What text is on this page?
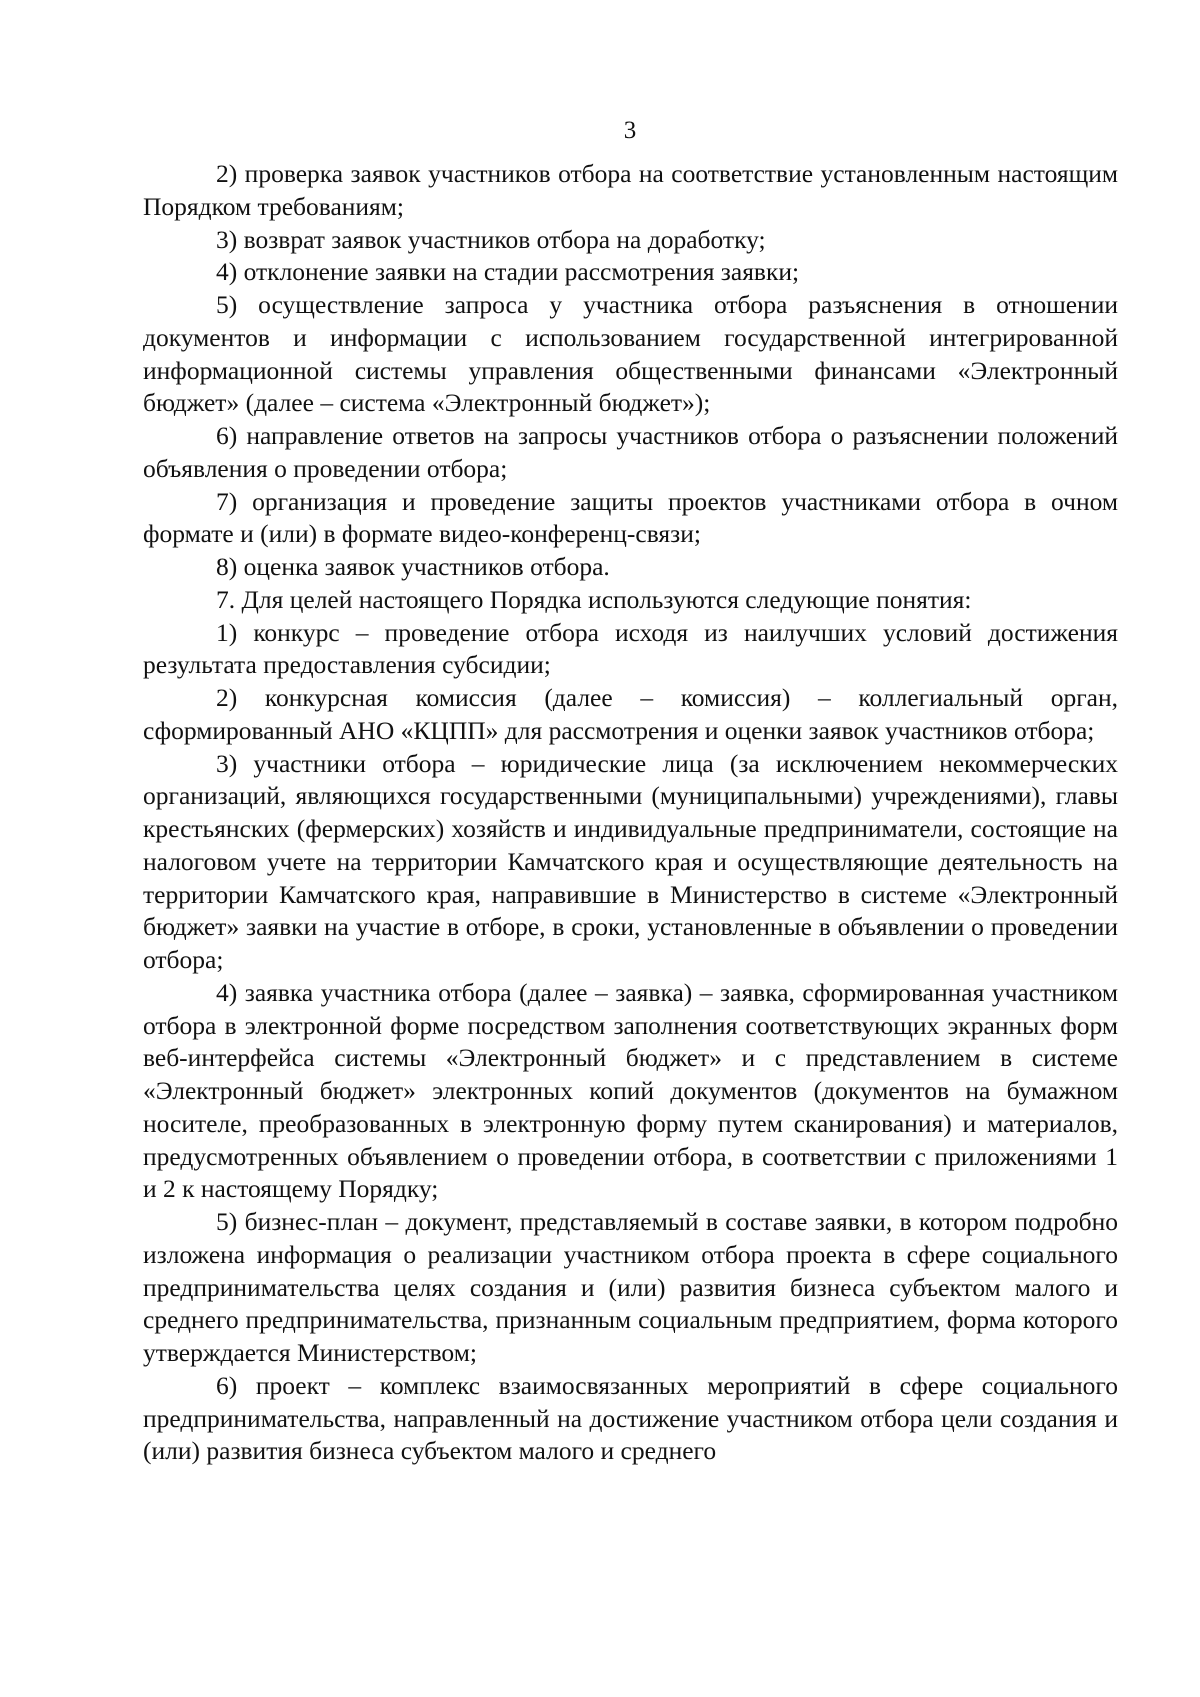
3

2) проверка заявок участников отбора на соответствие установленным настоящим Порядком требованиям;

3) возврат заявок участников отбора на доработку;

4) отклонение заявки на стадии рассмотрения заявки;

5) осуществление запроса у участника отбора разъяснения в отношении документов и информации с использованием государственной интегрированной информационной системы управления общественными финансами «Электронный бюджет» (далее – система «Электронный бюджет»);

6) направление ответов на запросы участников отбора о разъяснении положений объявления о проведении отбора;

7) организация и проведение защиты проектов участниками отбора в очном формате и (или) в формате видео-конференц-связи;

8) оценка заявок участников отбора.

7. Для целей настоящего Порядка используются следующие понятия:

1) конкурс – проведение отбора исходя из наилучших условий достижения результата предоставления субсидии;

2) конкурсная комиссия (далее – комиссия) – коллегиальный орган, сформированный АНО «КЦПП» для рассмотрения и оценки заявок участников отбора;

3) участники отбора – юридические лица (за исключением некоммерческих организаций, являющихся государственными (муниципальными) учреждениями), главы крестьянских (фермерских) хозяйств и индивидуальные предприниматели, состоящие на налоговом учете на территории Камчатского края и осуществляющие деятельность на территории Камчатского края, направившие в Министерство в системе «Электронный бюджет» заявки на участие в отборе, в сроки, установленные в объявлении о проведении отбора;

4) заявка участника отбора (далее – заявка) – заявка, сформированная участником отбора в электронной форме посредством заполнения соответствующих экранных форм веб-интерфейса системы «Электронный бюджет» и с представлением в системе «Электронный бюджет» электронных копий документов (документов на бумажном носителе, преобразованных в электронную форму путем сканирования) и материалов, предусмотренных объявлением о проведении отбора, в соответствии с приложениями 1 и 2 к настоящему Порядку;

5) бизнес-план – документ, представляемый в составе заявки, в котором подробно изложена информация о реализации участником отбора проекта в сфере социального предпринимательства целях создания и (или) развития бизнеса субъектом малого и среднего предпринимательства, признанным социальным предприятием, форма которого утверждается Министерством;

6) проект – комплекс взаимосвязанных мероприятий в сфере социального предпринимательства, направленный на достижение участником отбора цели создания и (или) развития бизнеса субъектом малого и среднего
